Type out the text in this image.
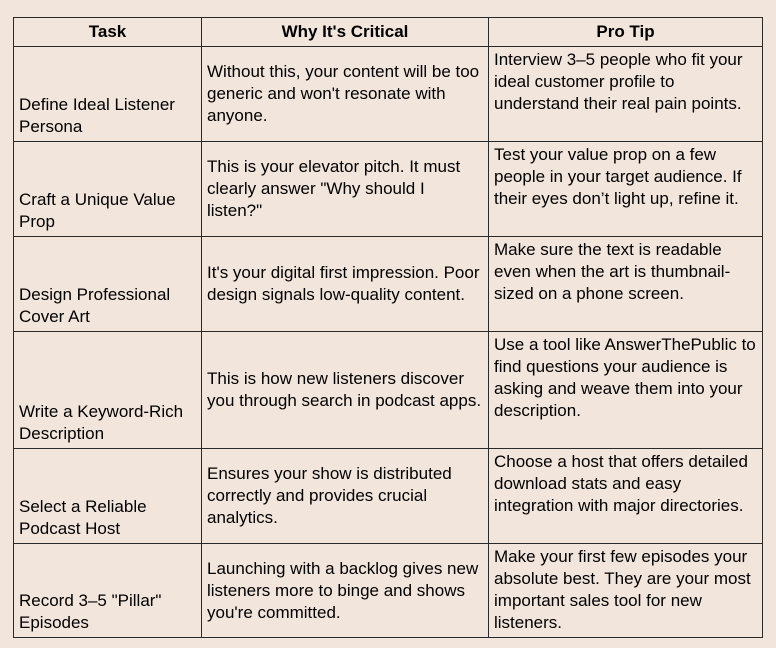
Task	Why It's Critical	Pro Tip
Define Ideal Listener Persona	Without this, your content will be too generic and won't resonate with anyone.	Interview 3–5 people who fit your ideal customer profile to understand their real pain points.
Craft a Unique Value Prop	This is your elevator pitch. It must clearly answer "Why should I listen?"	Test your value prop on a few people in your target audience. If their eyes don’t light up, refine it.
Design Professional Cover Art	It's your digital first impression. Poor design signals low-quality content.	Make sure the text is readable even when the art is thumbnail-sized on a phone screen.
Write a Keyword-Rich Description	This is how new listeners discover you through search in podcast apps.	Use a tool like AnswerThePublic to find questions your audience is asking and weave them into your description.
Select a Reliable Podcast Host	Ensures your show is distributed correctly and provides crucial analytics.	Choose a host that offers detailed download stats and easy integration with major directories.
Record 3–5 "Pillar" Episodes	Launching with a backlog gives new listeners more to binge and shows you're committed.	Make your first few episodes your absolute best. They are your most important sales tool for new listeners.
